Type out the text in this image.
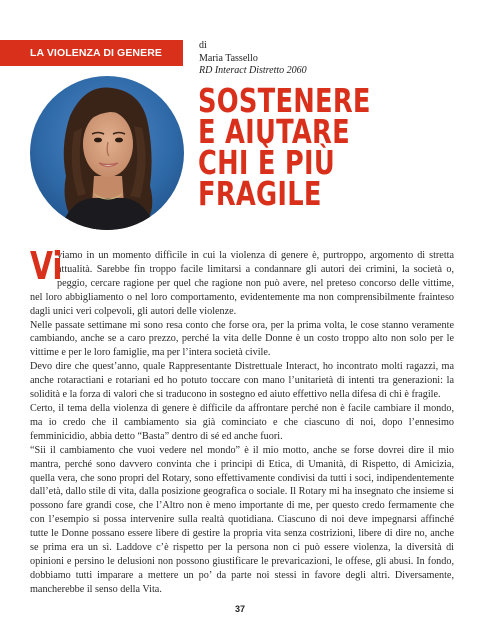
LA VIOLENZA DI GENERE
di
Maria Tassello
RD Interact Distretto 2060
SOSTENERE
E AIUTARE
CHI È PIÙ
FRAGILE

Vi
viamo in un momento difficile in cui la violenza di genere è, purtroppo, argomento di stretta attualità. Sarebbe fin troppo facile limitarsi a condannare gli autori dei crimini, la società o, peggio, cercare ragione per quel che ragione non può avere, nel preteso concorso delle vittime, nel loro abbigliamento o nel loro comportamento, evidentemente ma non comprensibilmente frainteso dagli unici veri colpevoli, gli autori delle violenze.

Nelle passate settimane mi sono resa conto che forse ora, per la prima volta, le cose stanno veramente cambiando, anche se a caro prezzo, perché la vita delle Donne è un costo troppo alto non solo per le vittime e per le loro famiglie, ma per l’intera società civile.

Devo dire che quest’anno, quale Rappresentante Distrettuale Interact, ho incontrato molti ragazzi, ma anche rotaractiani e rotariani ed ho potuto toccare con mano l’unitarietà di intenti tra generazioni: la solidità e la forza di valori che si traducono in sostegno ed aiuto effettivo nella difesa di chi è fragile.

Certo, il tema della violenza di genere è difficile da affrontare perché non è facile cambiare il mondo, ma io credo che il cambiamento sia già cominciato e che ciascuno di noi, dopo l’ennesimo femminicidio, abbia detto “Basta” dentro di sé ed anche fuori.

“Sii il cambiamento che vuoi vedere nel mondo” è il mio motto, anche se forse dovrei dire il mio mantra, perché sono davvero convinta che i principi di Etica, di Umanità, di Rispetto, di Amicizia, quella vera, che sono propri del Rotary, sono effettivamente condivisi da tutti i soci, indipendentemente dall’età, dallo stile di vita, dalla posizione geografica o sociale. Il Rotary mi ha insegnato che insieme si possono fare grandi cose, che l’Altro non è meno importante di me, per questo credo fermamente che con l’esempio si possa intervenire sulla realtà quotidiana. Ciascuno di noi deve impegnarsi affinché tutte le Donne possano essere libere di gestire la propria vita senza costrizioni, libere di dire no, anche se prima era un sì. Laddove c’è rispetto per la persona non ci può essere violenza, la diversità di opinioni e persino le delusioni non possono giustificare le prevaricazioni, le offese, gli abusi. In fondo, dobbiamo tutti imparare a mettere un po’ da parte noi stessi in favore degli altri. Diversamente, mancherebbe il senso della Vita.

37
